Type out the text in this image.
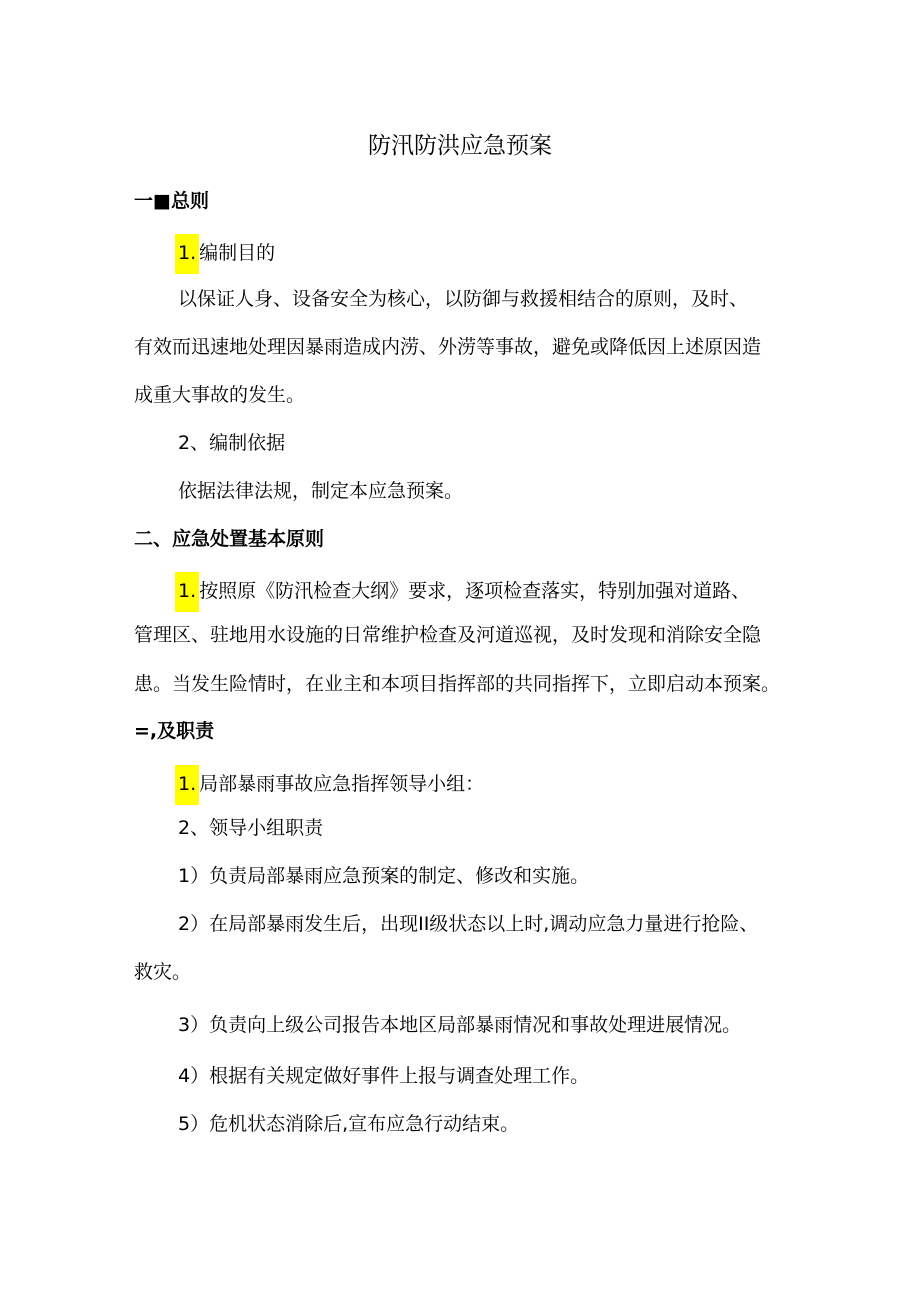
防汛防洪应急预案
一■总则
1. 编制目的
以保证人身、设备安全为核心，以防御与救援相结合的原则，及时、
有效而迅速地处理因暴雨造成内涝、外涝等事故，避免或降低因上述原因造
成重大事故的发生。
2、编制依据
依据法律法规，制定本应急预案。
二、应急处置基本原则
1. 按照原《防汛检查大纲》要求，逐项检查落实，特别加强对道路、
管理区、驻地用水设施的日常维护检查及河道巡视，及时发现和消除安全隐
患。当发生险情时，在业主和本项目指挥部的共同指挥下，立即启动本预案。
=,及职责
1. 局部暴雨事故应急指挥领导小组：
2、领导小组职责
1）负责局部暴雨应急预案的制定、修改和实施。
2）在局部暴雨发生后，出现II级状态以上时,调动应急力量进行抢险、
救灾。
3）负责向上级公司报告本地区局部暴雨情况和事故处理进展情况。
4）根据有关规定做好事件上报与调查处理工作。
5）危机状态消除后,宣布应急行动结束。
